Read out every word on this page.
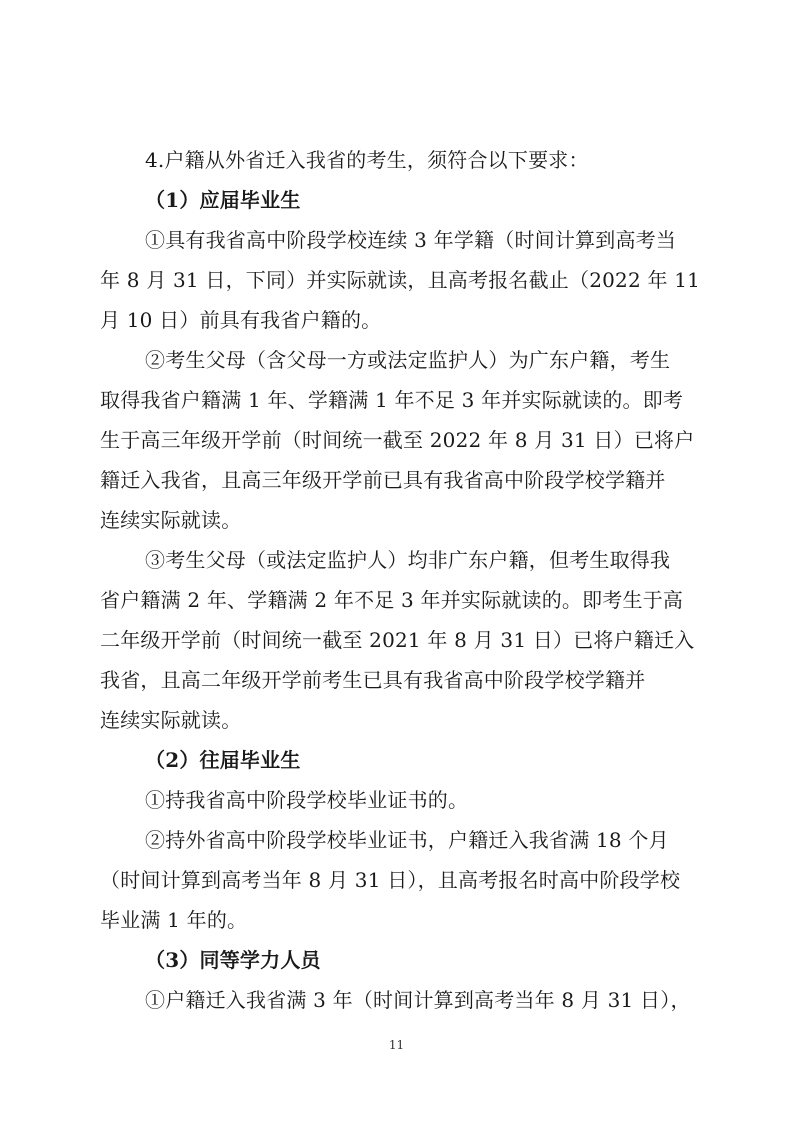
4.户籍从外省迁入我省的考生，须符合以下要求：
（1）应届毕业生
①具有我省高中阶段学校连续 3 年学籍（时间计算到高考当
年 8 月 31 日，下同）并实际就读，且高考报名截止（2022 年 11
月 10 日）前具有我省户籍的。
②考生父母（含父母一方或法定监护人）为广东户籍，考生
取得我省户籍满 1 年、学籍满 1 年不足 3 年并实际就读的。即考
生于高三年级开学前（时间统一截至 2022 年 8 月 31 日）已将户
籍迁入我省，且高三年级开学前已具有我省高中阶段学校学籍并
连续实际就读。
③考生父母（或法定监护人）均非广东户籍，但考生取得我
省户籍满 2 年、学籍满 2 年不足 3 年并实际就读的。即考生于高
二年级开学前（时间统一截至 2021 年 8 月 31 日）已将户籍迁入
我省，且高二年级开学前考生已具有我省高中阶段学校学籍并
连续实际就读。
（2）往届毕业生
①持我省高中阶段学校毕业证书的。
②持外省高中阶段学校毕业证书，户籍迁入我省满 18 个月
（时间计算到高考当年 8 月 31 日），且高考报名时高中阶段学校
毕业满 1 年的。
（3）同等学力人员
①户籍迁入我省满 3 年（时间计算到高考当年 8 月 31 日），
11
